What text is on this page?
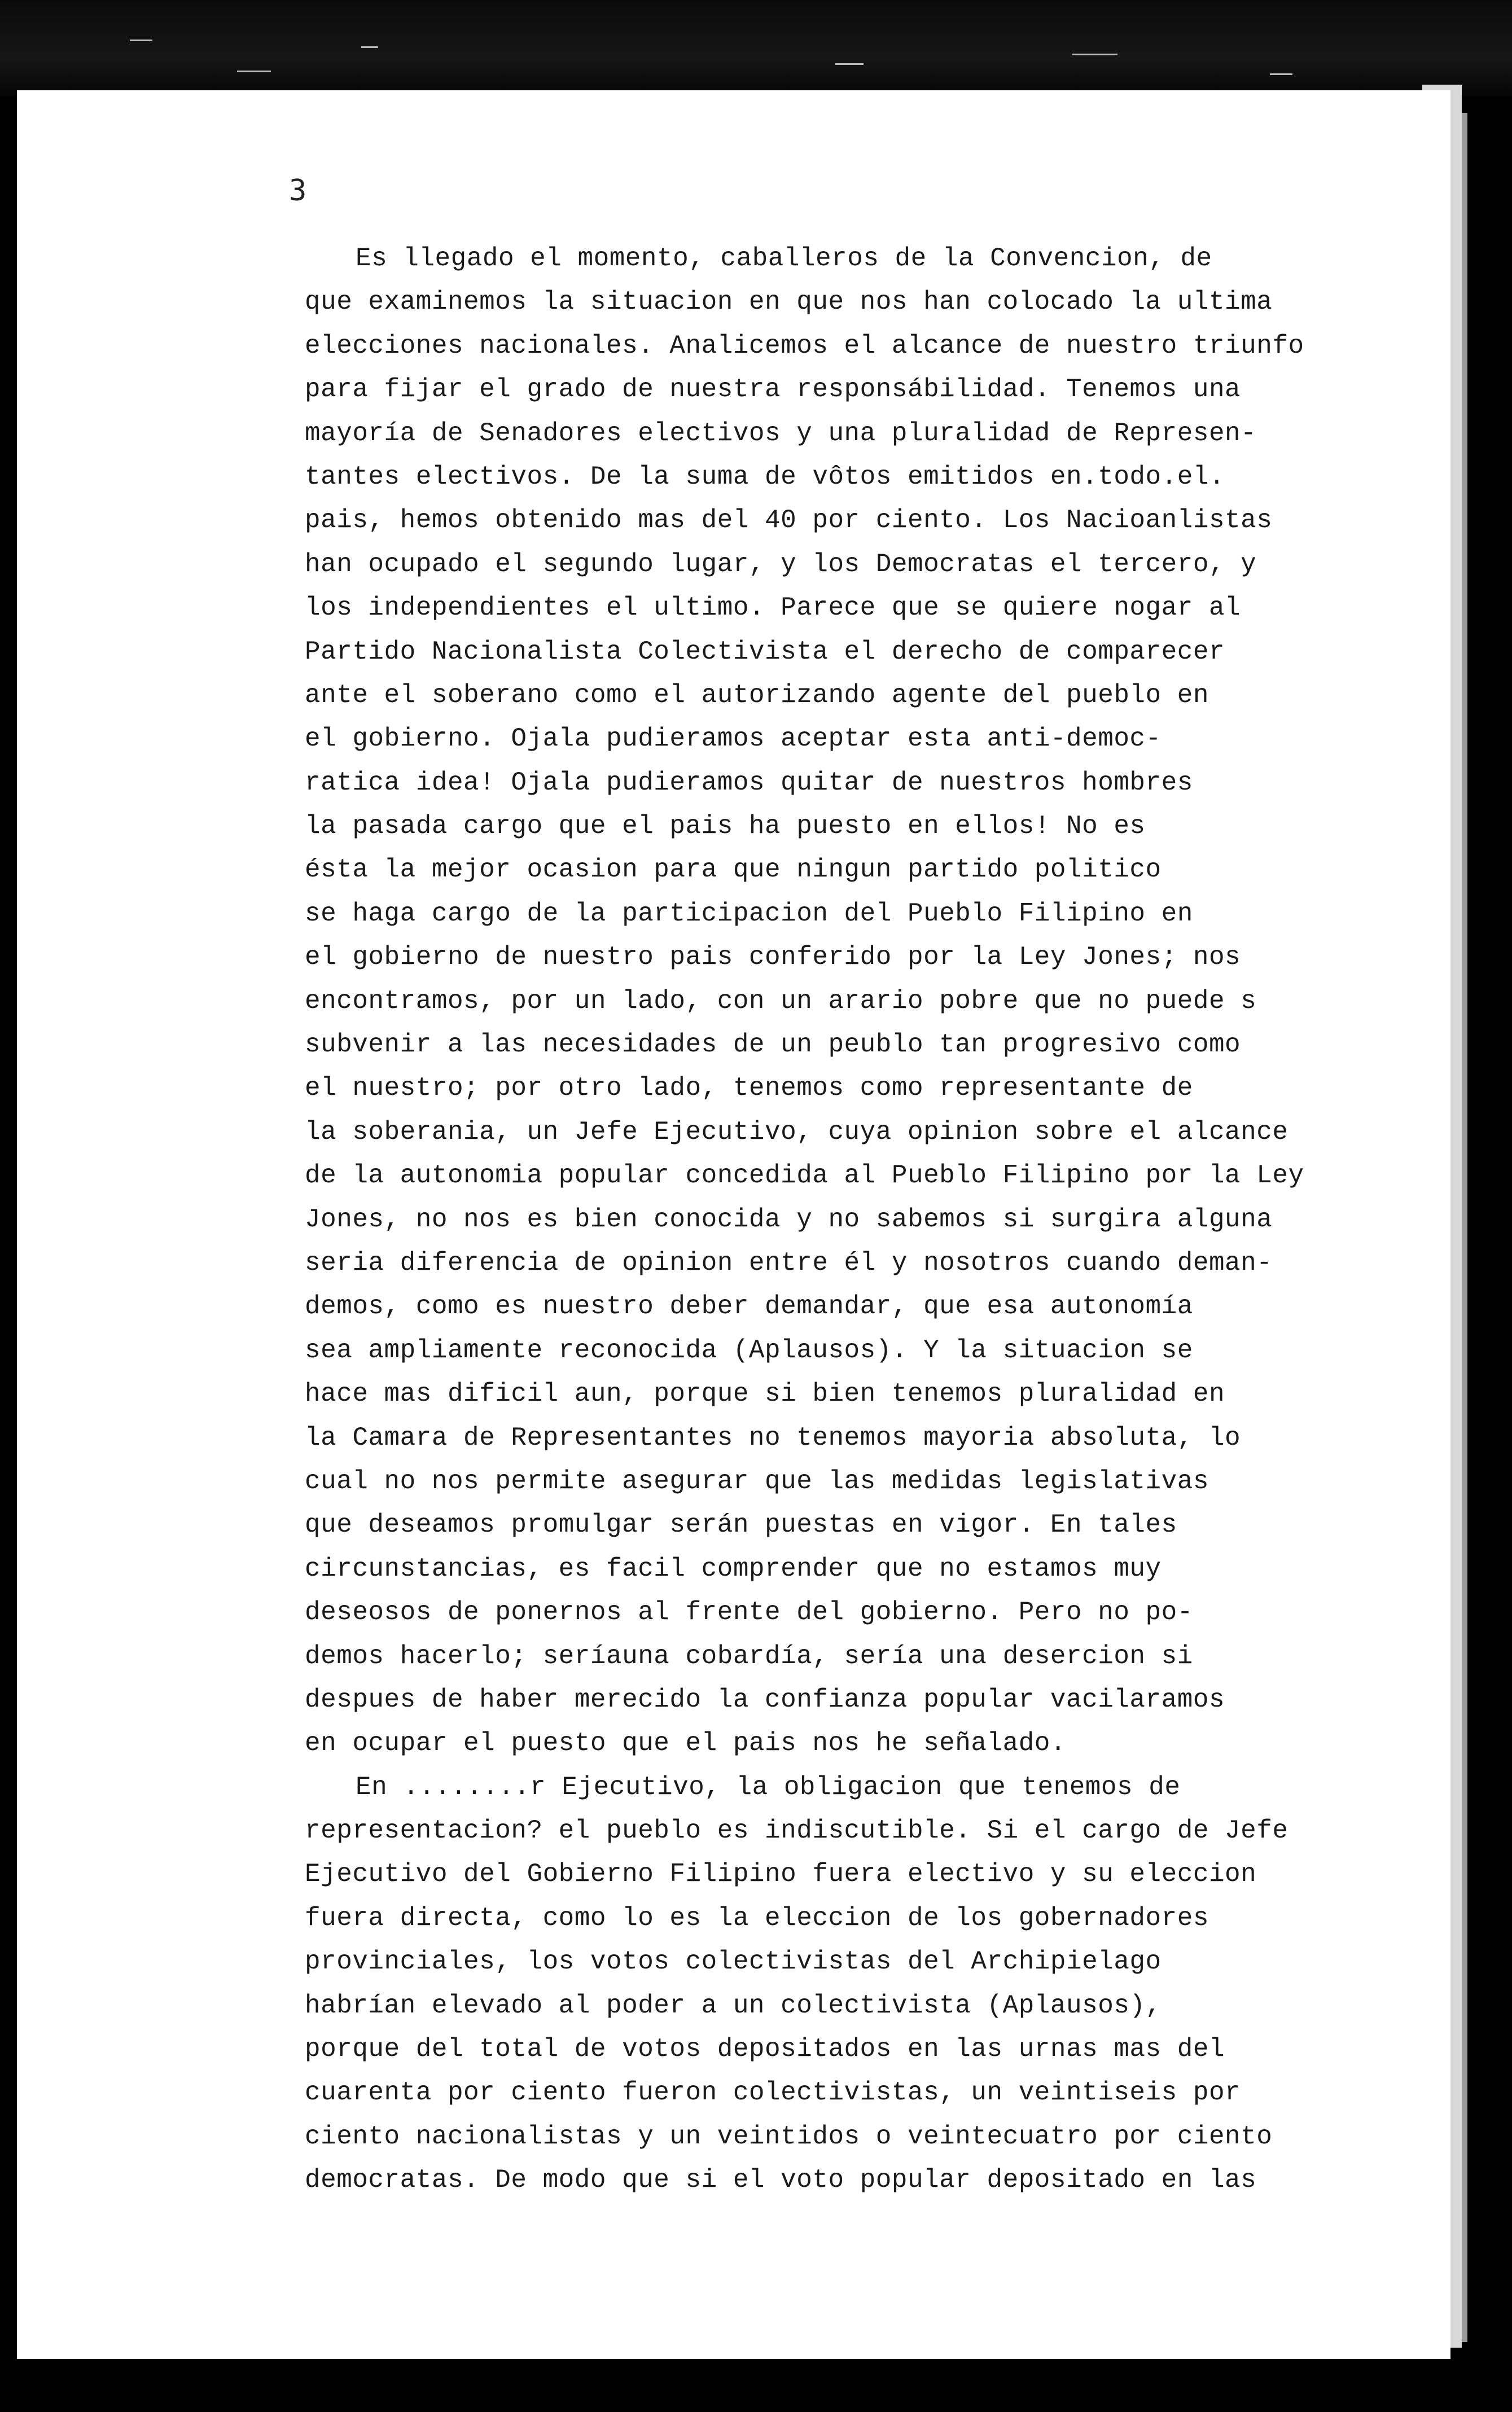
3
Es llegado el momento, caballeros de la Convencion, de
que examinemos la situacion en que nos han colocado la ultima
elecciones nacionales. Analicemos el alcance de nuestro triunfo
para fijar el grado de nuestra responsábilidad. Tenemos una
mayoría de Senadores electivos y una pluralidad de Represen-
tantes electivos. De la suma de vôtos emitidos en.todo.el.
pais, hemos obtenido mas del 40 por ciento. Los Nacioanlistas
han ocupado el segundo lugar, y los Democratas el tercero, y
los independientes el ultimo. Parece que se quiere nogar al
Partido Nacionalista Colectivista el derecho de comparecer
ante el soberano como el autorizando agente del pueblo en
el gobierno. Ojala pudieramos aceptar esta anti-democ-
ratica idea! Ojala pudieramos quitar de nuestros hombres
la pasada cargo que el pais ha puesto en ellos! No es
ésta la mejor ocasion para que ningun partido politico
se haga cargo de la participacion del Pueblo Filipino en
el gobierno de nuestro pais conferido por la Ley Jones; nos
encontramos, por un lado, con un arario pobre que no puede s
subvenir a las necesidades de un peublo tan progresivo como
el nuestro; por otro lado, tenemos como representante de
la soberania, un Jefe Ejecutivo, cuya opinion sobre el alcance
de la autonomia popular concedida al Pueblo Filipino por la Ley
Jones, no nos es bien conocida y no sabemos si surgira alguna
seria diferencia de opinion entre él y nosotros cuando deman-
demos, como es nuestro deber demandar, que esa autonomía
sea ampliamente reconocida (Aplausos). Y la situacion se
hace mas dificil aun, porque si bien tenemos pluralidad en
la Camara de Representantes no tenemos mayoria absoluta, lo
cual no nos permite asegurar que las medidas legislativas
que deseamos promulgar serán puestas en vigor. En tales
circunstancias, es facil comprender que no estamos muy
deseosos de ponernos al frente del gobierno. Pero no po-
demos hacerlo; seríauna cobardía, sería una desercion si
despues de haber merecido la confianza popular vacilaramos
en ocupar el puesto que el pais nos he señalado.
En ........r Ejecutivo, la obligacion que tenemos de
representacion? el pueblo es indiscutible. Si el cargo de Jefe
Ejecutivo del Gobierno Filipino fuera electivo y su eleccion
fuera directa, como lo es la eleccion de los gobernadores
provinciales, los votos colectivistas del Archipielago
habrían elevado al poder a un colectivista (Aplausos),
porque del total de votos depositados en las urnas mas del
cuarenta por ciento fueron colectivistas, un veintiseis por
ciento nacionalistas y un veintidos o veintecuatro por ciento
democratas. De modo que si el voto popular depositado en las
